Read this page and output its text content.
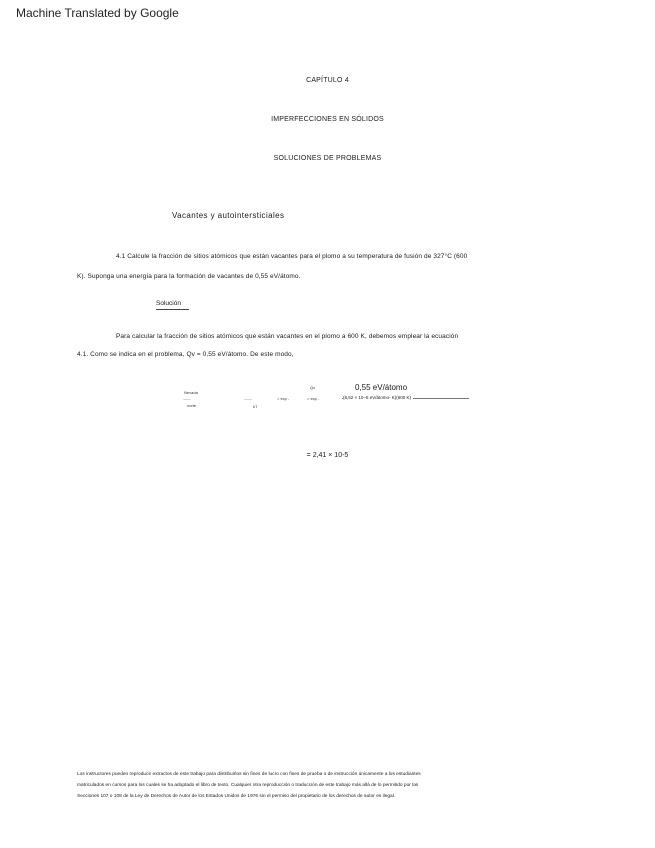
Machine Translated by Google
CAPÍTULO 4
IMPERFECCIONES EN SÓLIDOS
SOLUCIONES DE PROBLEMAS
Vacantes y autointersticiales
4.1 Calcule la fracción de sitios atómicos que están vacantes para el plomo a su temperatura de fusión de 327°C (600
K). Suponga una energía para la formación de vacantes de 0,55 eV/átomo.
Solución
Para calcular la fracción de sitios atómicos que están vacantes en el plomo a 600 K, debemos emplear la ecuación
4.1. Como se indica en el problema, Qv = 0,55 eV/átomo. De este modo,
Nevada
---------
norte
---------
kT
= exp -
Qv
= exp -
0,55 eV/átomo
(8,62 × 10−5 eV/átomo- K)(600 K)
= 2,41 × 10-5
Los instructores pueden reproducir extractos de este trabajo para distribuirlos sin fines de lucro con fines de prueba o de instrucción únicamente a los estudiantes
matriculados en cursos para los cuales se ha adoptado el libro de texto. Cualquier otra reproducción o traducción de este trabajo más allá de lo permitido por las
Secciones 107 o 108 de la Ley de Derechos de Autor de los Estados Unidos de 1976 sin el permiso del propietario de los derechos de autor es ilegal.
